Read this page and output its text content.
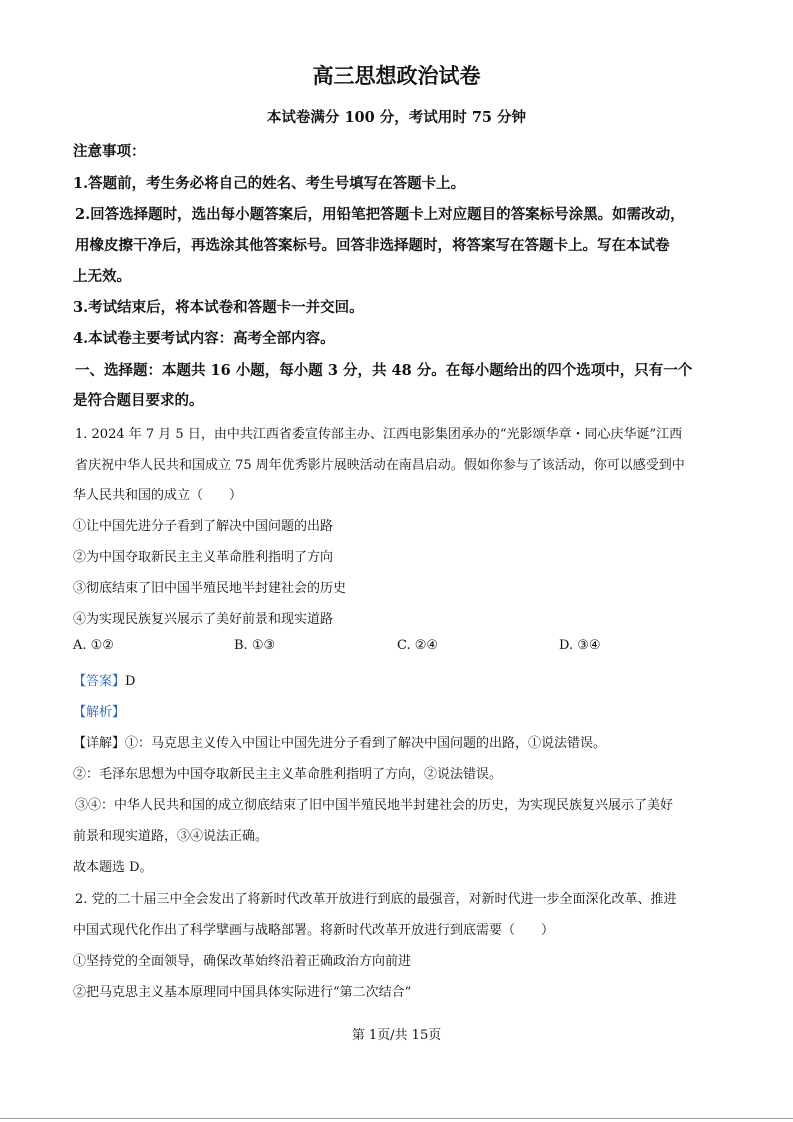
高三思想政治试卷
本试卷满分 100 分，考试用时 75 分钟
注意事项：
1.答题前，考生务必将自己的姓名、考生号填写在答题卡上。
2.回答选择题时，选出每小题答案后，用铅笔把答题卡上对应题目的答案标号涂黑。如需改动，
用橡皮擦干净后，再选涂其他答案标号。回答非选择题时，将答案写在答题卡上。写在本试卷
上无效。
3.考试结束后，将本试卷和答题卡一并交回。
4.本试卷主要考试内容：高考全部内容。
一、选择题：本题共 16 小题，每小题 3 分，共 48 分。在每小题给出的四个选项中，只有一个
是符合题目要求的。
1. 2024 年 7 月 5 日，由中共江西省委宣传部主办、江西电影集团承办的“光影颂华章・同心庆华诞”江西
省庆祝中华人民共和国成立 75 周年优秀影片展映活动在南昌启动。假如你参与了该活动，你可以感受到中
华人民共和国的成立（　　）
①让中国先进分子看到了解决中国问题的出路
②为中国夺取新民主主义革命胜利指明了方向
③彻底结束了旧中国半殖民地半封建社会的历史
④为实现民族复兴展示了美好前景和现实道路
A. ①②	B. ①③	C. ②④	D. ③④
【答案】D
【解析】
【详解】①：马克思主义传入中国让中国先进分子看到了解决中国问题的出路，①说法错误。
②：毛泽东思想为中国夺取新民主主义革命胜利指明了方向，②说法错误。
③④：中华人民共和国的成立彻底结束了旧中国半殖民地半封建社会的历史，为实现民族复兴展示了美好
前景和现实道路，③④说法正确。
故本题选 D。
2. 党的二十届三中全会发出了将新时代改革开放进行到底的最强音，对新时代进一步全面深化改革、推进
中国式现代化作出了科学擘画与战略部署。将新时代改革开放进行到底需要（　　）
①坚持党的全面领导，确保改革始终沿着正确政治方向前进
②把马克思主义基本原理同中国具体实际进行“第二次结合”
第 1页/共 15页
